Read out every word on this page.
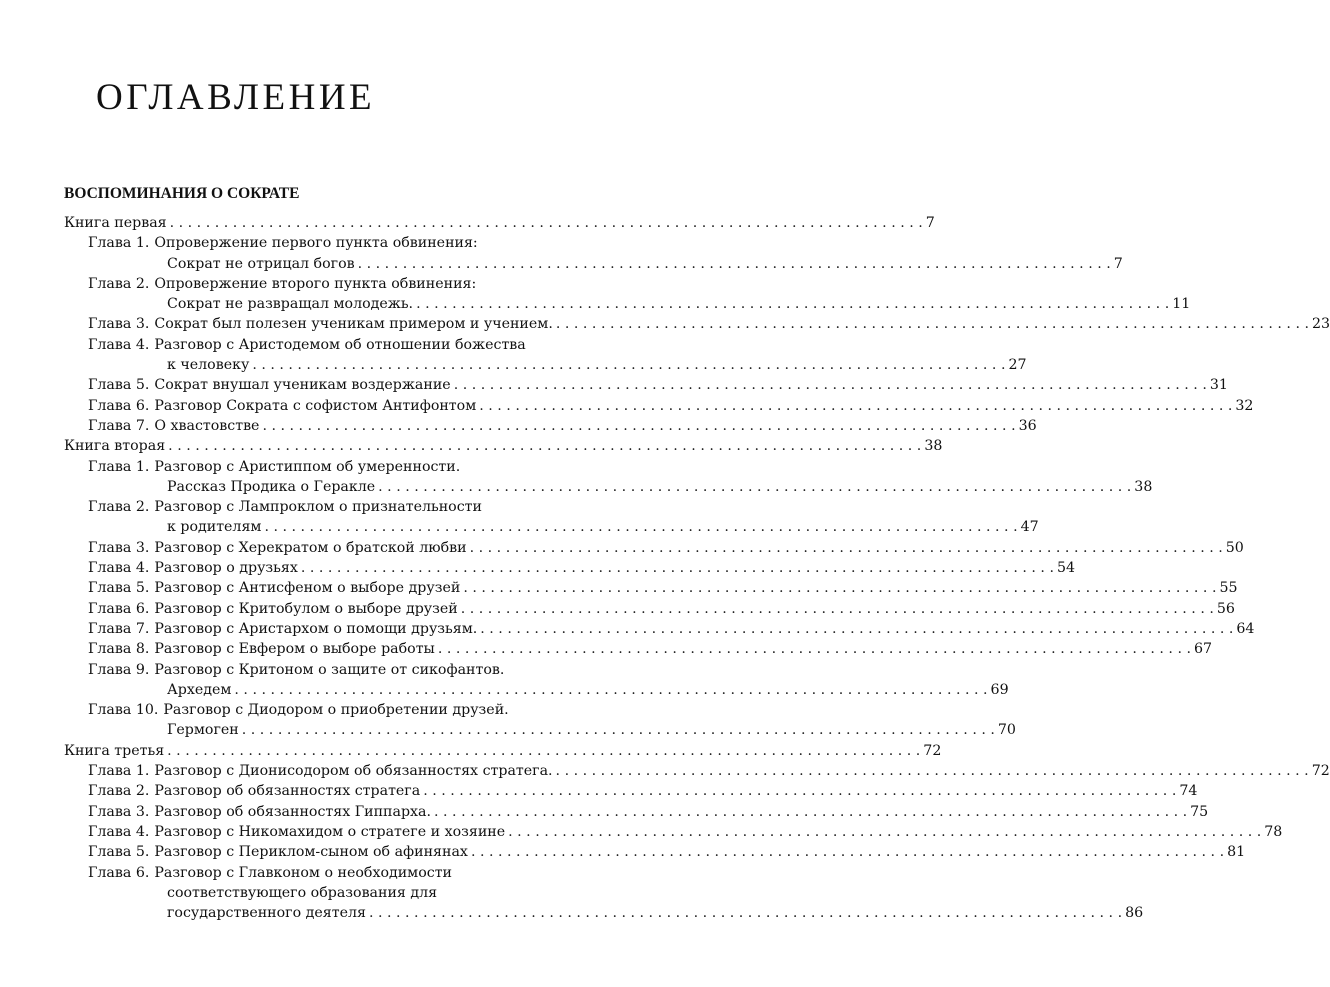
ОГЛАВЛЕНИЕ
ВОСПОМИНАНИЯ О СОКРАТЕ
Книга первая . . .	7
Глава 1. Опровержение первого пункта обвинения:
Сократ не отрицал богов . . .	7
Глава 2. Опровержение второго пункта обвинения:
Сократ не развращал молодежь. . . .	11
Глава 3. Сократ был полезен ученикам примером и учением. . . .	23
Глава 4. Разговор с Аристодемом об отношении божества
к человеку . . .	27
Глава 5. Сократ внушал ученикам воздержание . . .	31
Глава 6. Разговор Сократа с софистом Антифонтом . . .	32
Глава 7. О хвастовстве . . .	36
Книга вторая . . .	38
Глава 1. Разговор с Аристиппом об умеренности.
Рассказ Продика о Геракле . . .	38
Глава 2. Разговор с Лампроклом о признательности
к родителям . . .	47
Глава 3. Разговор с Херекратом о братской любви . . .	50
Глава 4. Разговор о друзьях . . .	54
Глава 5. Разговор с Антисфеном о выборе друзей . . .	55
Глава 6. Разговор с Критобулом о выборе друзей . . .	56
Глава 7. Разговор с Аристархом о помощи друзьям. . . .	64
Глава 8. Разговор с Евфером о выборе работы . . .	67
Глава 9. Разговор с Критоном о защите от сикофантов.
Архедем . . .	69
Глава 10. Разговор с Диодором о приобретении друзей.
Гермоген . . .	70
Книга третья . . .	72
Глава 1. Разговор с Дионисодором об обязанностях стратега. . . .	72
Глава 2. Разговор об обязанностях стратега . . .	74
Глава 3. Разговор об обязанностях Гиппарха. . . .	75
Глава 4. Разговор с Никомахидом о стратеге и хозяине . . .	78
Глава 5. Разговор с Периклом-сыном об афинянах . . .	81
Глава 6. Разговор с Главконом о необходимости
соответствующего образования для
государственного деятеля . . .	86
